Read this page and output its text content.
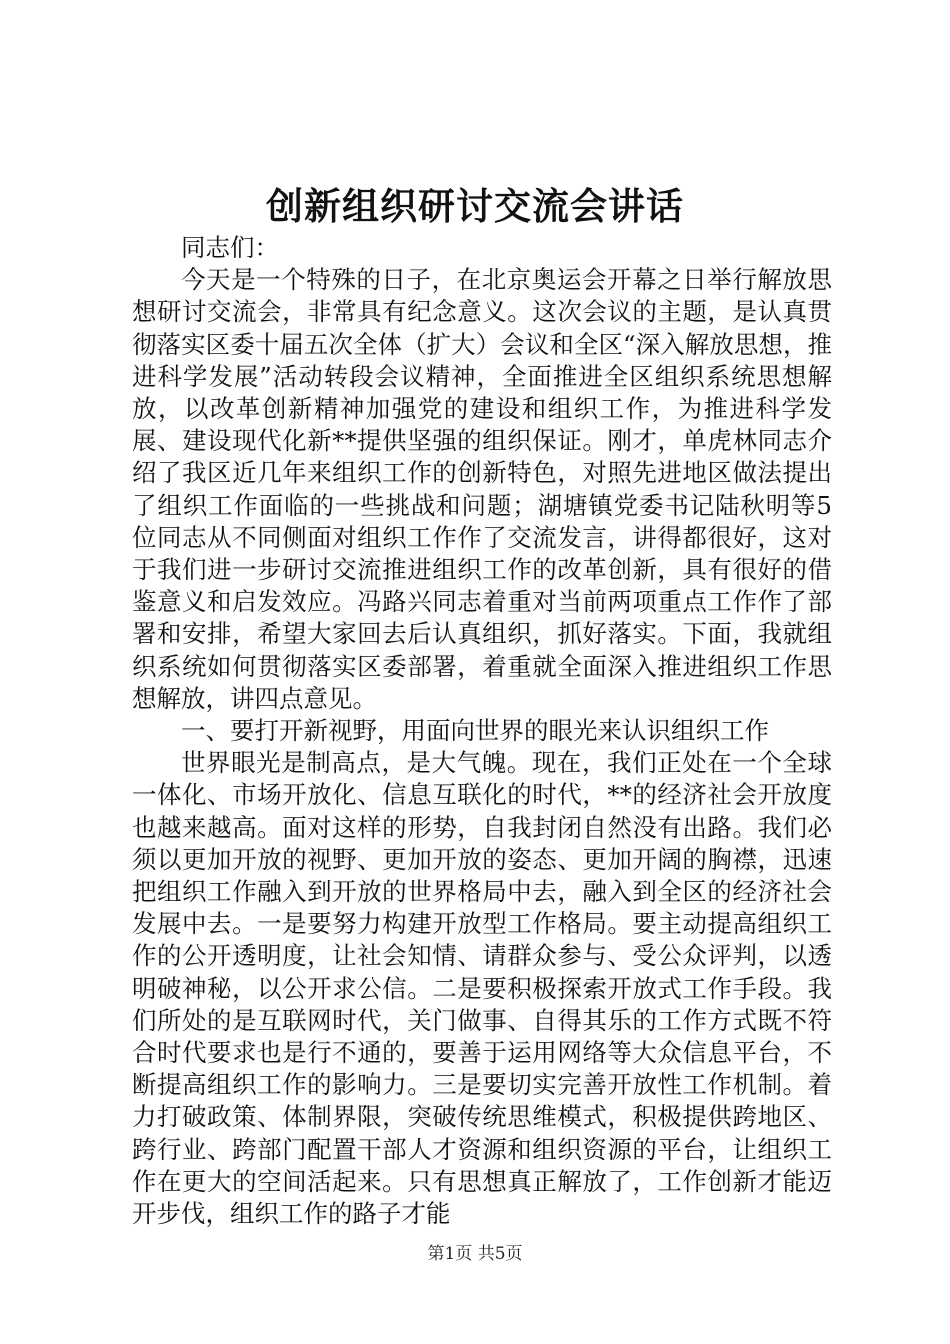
创新组织研讨交流会讲话

同志们：

今天是一个特殊的日子，在北京奥运会开幕之日举行解放思想研讨交流会，非常具有纪念意义。这次会议的主题，是认真贯彻落实区委十届五次全体（扩大）会议和全区“深入解放思想，推进科学发展”活动转段会议精神，全面推进全区组织系统思想解放，以改革创新精神加强党的建设和组织工作，为推进科学发展、建设现代化新**提供坚强的组织保证。刚才，单虎林同志介绍了我区近几年来组织工作的创新特色，对照先进地区做法提出了组织工作面临的一些挑战和问题；湖塘镇党委书记陆秋明等5位同志从不同侧面对组织工作作了交流发言，讲得都很好，这对于我们进一步研讨交流推进组织工作的改革创新，具有很好的借鉴意义和启发效应。冯路兴同志着重对当前两项重点工作作了部署和安排，希望大家回去后认真组织，抓好落实。下面，我就组织系统如何贯彻落实区委部署，着重就全面深入推进组织工作思想解放，讲四点意见。

一、要打开新视野，用面向世界的眼光来认识组织工作

世界眼光是制高点，是大气魄。现在，我们正处在一个全球一体化、市场开放化、信息互联化的时代，**的经济社会开放度也越来越高。面对这样的形势，自我封闭自然没有出路。我们必须以更加开放的视野、更加开放的姿态、更加开阔的胸襟，迅速把组织工作融入到开放的世界格局中去，融入到全区的经济社会发展中去。一是要努力构建开放型工作格局。要主动提高组织工作的公开透明度，让社会知情、请群众参与、受公众评判，以透明破神秘，以公开求公信。二是要积极探索开放式工作手段。我们所处的是互联网时代，关门做事、自得其乐的工作方式既不符合时代要求也是行不通的，要善于运用网络等大众信息平台，不断提高组织工作的影响力。三是要切实完善开放性工作机制。着力打破政策、体制界限，突破传统思维模式，积极提供跨地区、跨行业、跨部门配置干部人才资源和组织资源的平台，让组织工作在更大的空间活起来。只有思想真正解放了，工作创新才能迈开步伐，组织工作的路子才能

第1页 共5页
